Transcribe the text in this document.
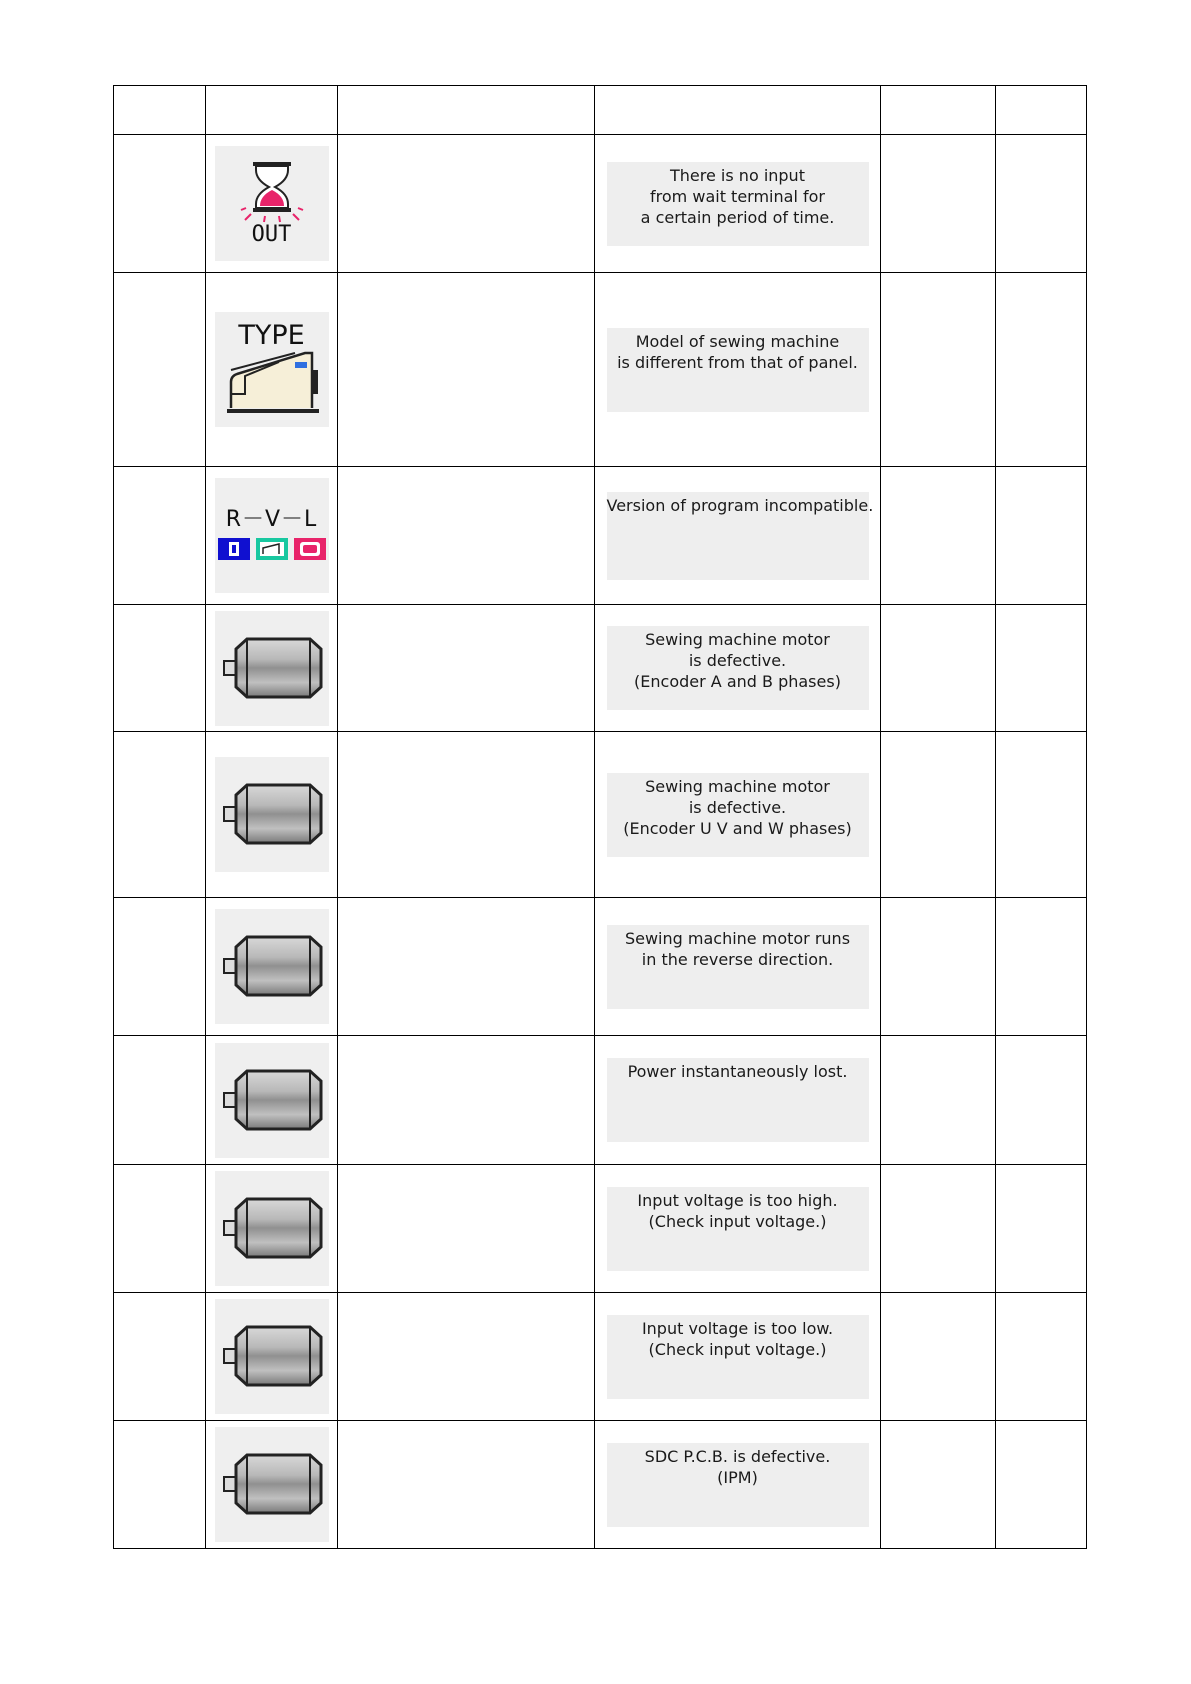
	OUT		There is no input
from wait terminal for
a certain period of time.		

	TYPE		Model of sewing machine
is different from that of panel.		

	R－V－L		Version of program incompatible.		

Sewing machine motor
is defective.
(Encoder A and B phases)		

Sewing machine motor
is defective.
(Encoder U V and W phases)		

Sewing machine motor runs
in the reverse direction.		

Power instantaneously lost.		

Input voltage is too high.
(Check input voltage.)		

Input voltage is too low.
(Check input voltage.)		

SDC P.C.B. is defective.
(IPM)		
